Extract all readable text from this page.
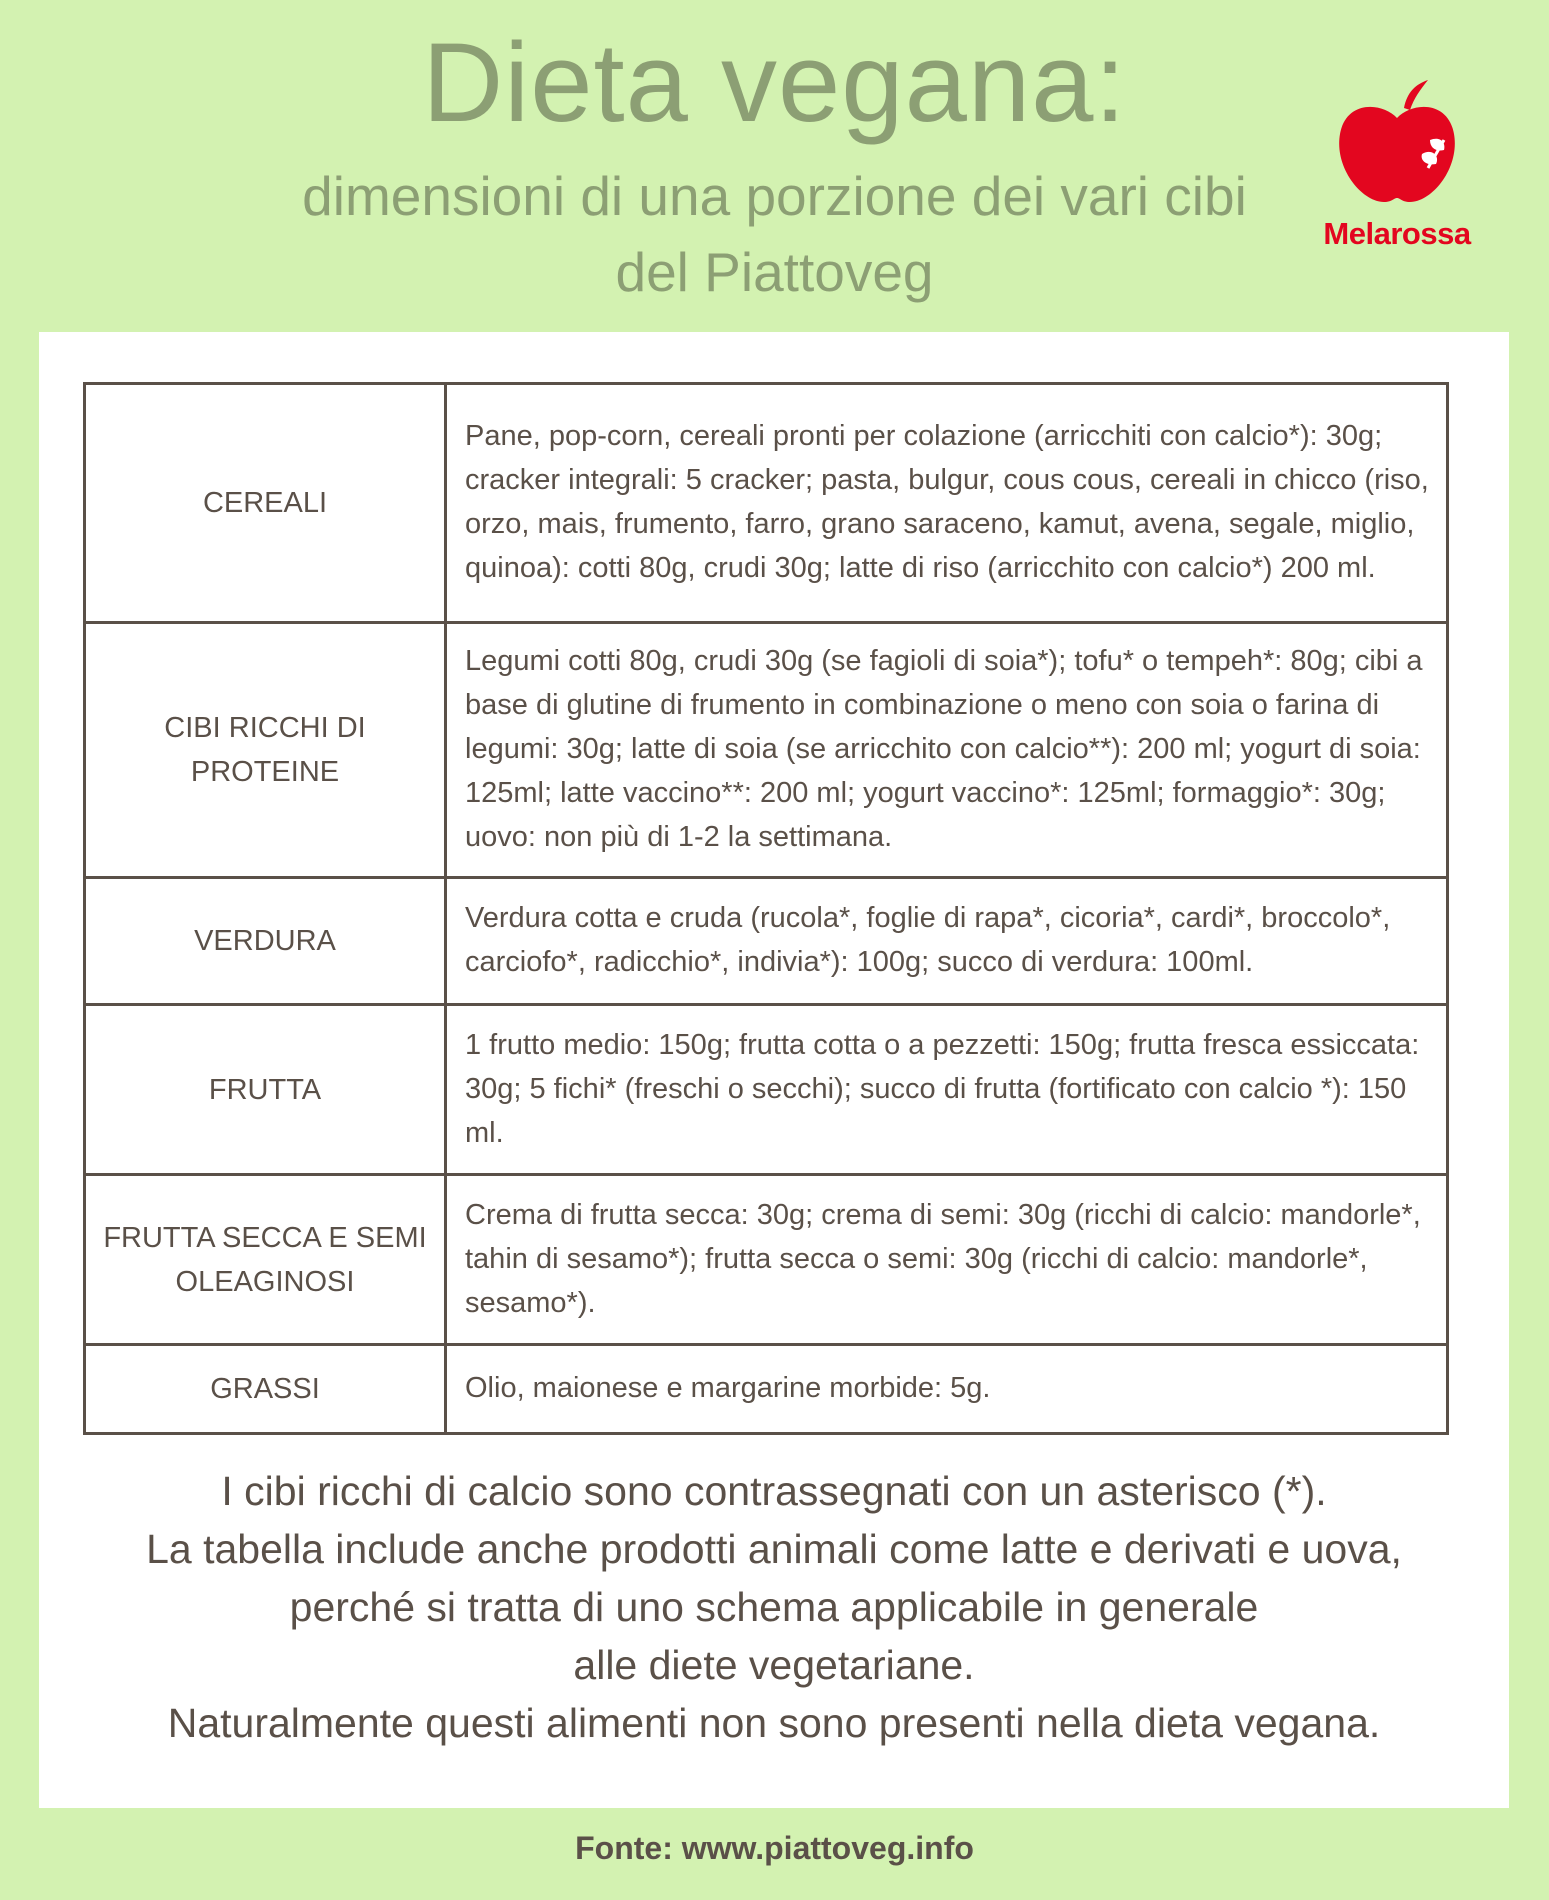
Dieta vegana:
dimensioni di una porzione dei vari cibi
del Piattoveg
Melarossa
CEREALI	Pane, pop-corn, cereali pronti per colazione (arricchiti con calcio*): 30g; cracker integrali: 5 cracker; pasta, bulgur, cous cous, cereali in chicco (riso, orzo, mais, frumento, farro, grano saraceno, kamut, avena, segale, miglio, quinoa): cotti 80g, crudi 30g; latte di riso (arricchito con calcio*) 200 ml.
CIBI RICCHI DI PROTEINE	Legumi cotti 80g, crudi 30g (se fagioli di soia*); tofu* o tempeh*: 80g; cibi a base di glutine di frumento in combinazione o meno con soia o farina di legumi: 30g; latte di soia (se arricchito con calcio**): 200 ml; yogurt di soia: 125ml; latte vaccino**: 200 ml; yogurt vaccino*: 125ml; formaggio*: 30g; uovo: non più di 1-2 la settimana.
VERDURA	Verdura cotta e cruda (rucola*, foglie di rapa*, cicoria*, cardi*, broccolo*, carciofo*, radicchio*, indivia*): 100g; succo di verdura: 100ml.
FRUTTA	1 frutto medio: 150g; frutta cotta o a pezzetti: 150g; frutta fresca essiccata: 30g; 5 fichi* (freschi o secchi); succo di frutta (fortificato con calcio *): 150 ml.
FRUTTA SECCA E SEMI OLEAGINOSI	Crema di frutta secca: 30g; crema di semi: 30g (ricchi di calcio: mandorle*, tahin di sesamo*); frutta secca o semi: 30g (ricchi di calcio: mandorle*, sesamo*).
GRASSI	Olio, maionese e margarine morbide: 5g.
I cibi ricchi di calcio sono contrassegnati con un asterisco (*).
La tabella include anche prodotti animali come latte e derivati e uova,
perché si tratta di uno schema applicabile in generale
alle diete vegetariane.
Naturalmente questi alimenti non sono presenti nella dieta vegana.
Fonte: www.piattoveg.info
